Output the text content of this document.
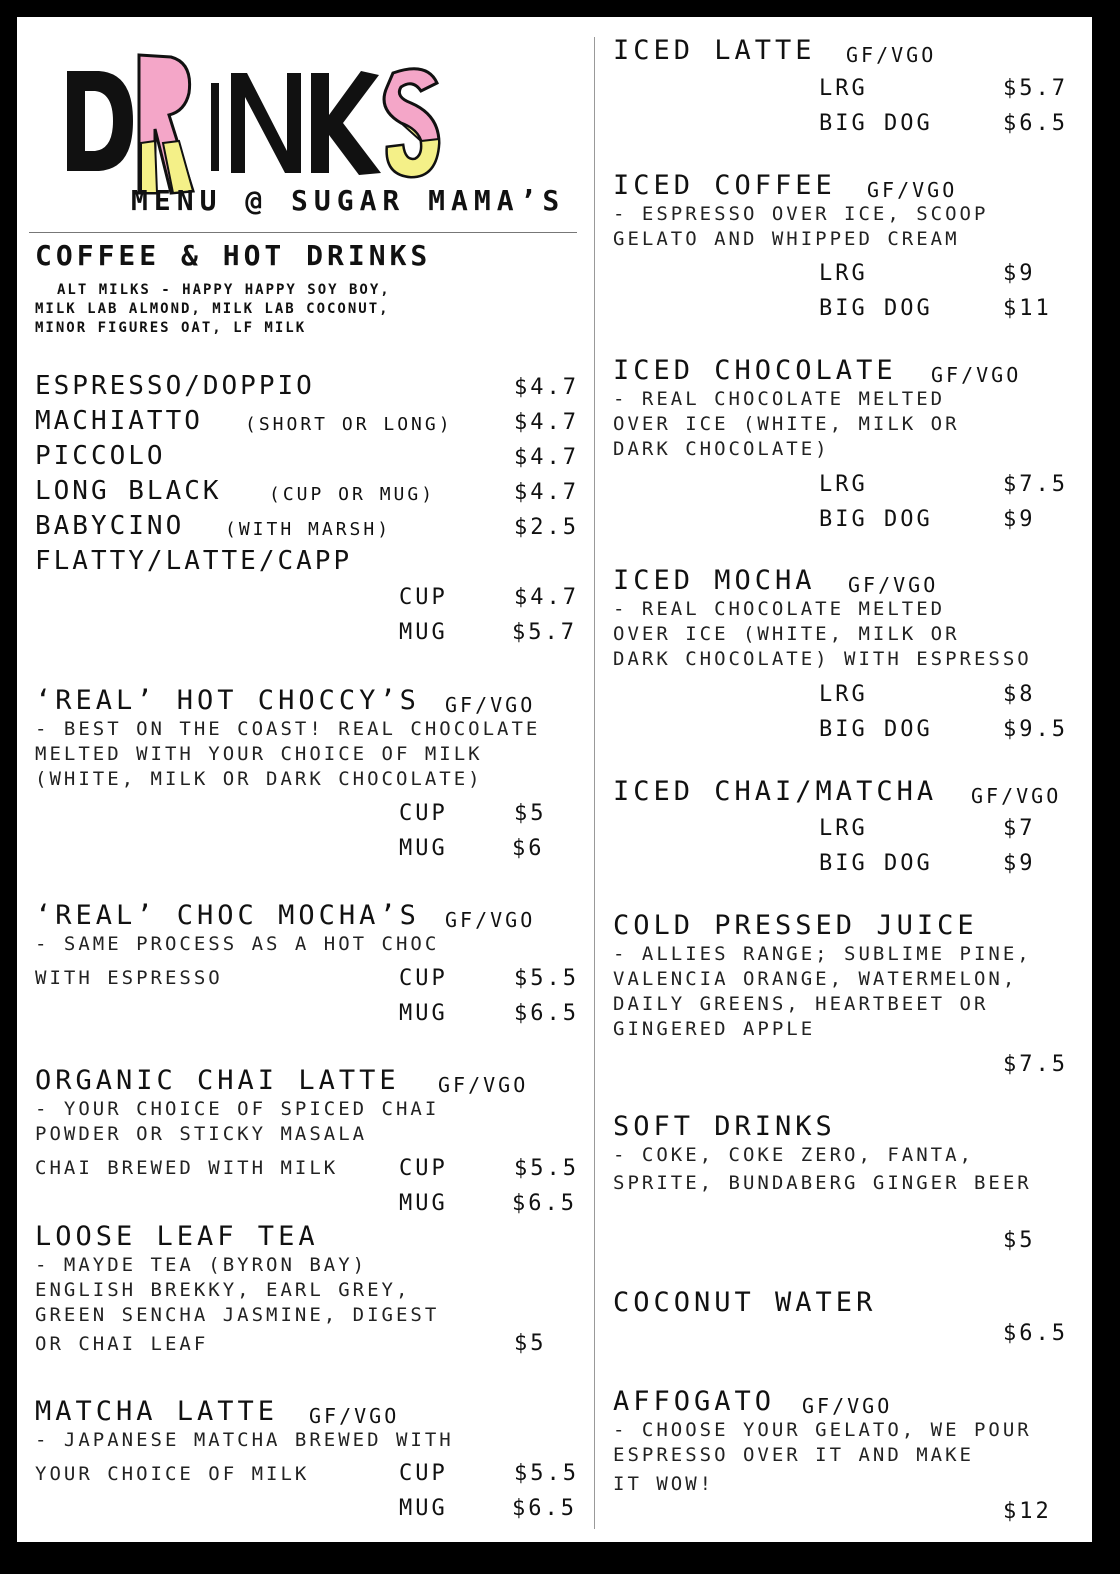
DRINKS
MENU @ SUGAR MAMA’S
COFFEE & HOT DRINKS
ALT MILKS - HAPPY HAPPY SOY BOY,
MILK LAB ALMOND, MILK LAB COCONUT,
MINOR FIGURES OAT, LF MILK
ESPRESSO/DOPPIO	$4.7
MACHIATTO (SHORT OR LONG)	$4.7
PICCOLO	$4.7
LONG BLACK	(CUP OR MUG)	$4.7
BABYCINO (WITH MARSH)	$2.5
FLATTY/LATTE/CAPP
CUP	$4.7
MUG	$5.7
‘REAL’ HOT CHOCCY’S GF/VGO
- BEST ON THE COAST! REAL CHOCOLATE
MELTED WITH YOUR CHOICE OF MILK
(WHITE, MILK OR DARK CHOCOLATE)
CUP	$5
MUG	$6
‘REAL’ CHOC MOCHA’S GF/VGO
- SAME PROCESS AS A HOT CHOC
WITH ESPRESSO	CUP	$5.5
MUG	$6.5
ORGANIC CHAI LATTE GF/VGO
- YOUR CHOICE OF SPICED CHAI
POWDER OR STICKY MASALA
CHAI BREWED WITH MILK	CUP	$5.5
MUG	$6.5
LOOSE LEAF TEA
- MAYDE TEA (BYRON BAY)
ENGLISH BREKKY, EARL GREY,
GREEN SENCHA JASMINE, DIGEST
OR CHAI LEAF	$5
MATCHA LATTE GF/VGO
- JAPANESE MATCHA BREWED WITH
YOUR CHOICE OF MILK	CUP	$5.5
MUG	$6.5
ICED LATTE GF/VGO
LRG	$5.7
BIG DOG	$6.5
ICED COFFEE GF/VGO
- ESPRESSO OVER ICE, SCOOP
GELATO AND WHIPPED CREAM
LRG	$9
BIG DOG	$11
ICED CHOCOLATE GF/VGO
- REAL CHOCOLATE MELTED
OVER ICE (WHITE, MILK OR
DARK CHOCOLATE)
LRG	$7.5
BIG DOG	$9
ICED MOCHA GF/VGO
- REAL CHOCOLATE MELTED
OVER ICE (WHITE, MILK OR
DARK CHOCOLATE) WITH ESPRESSO
LRG	$8
BIG DOG	$9.5
ICED CHAI/MATCHA GF/VGO
LRG	$7
BIG DOG	$9
COLD PRESSED JUICE
- ALLIES RANGE; SUBLIME PINE,
VALENCIA ORANGE, WATERMELON,
DAILY GREENS, HEARTBEET OR
GINGERED APPLE
$7.5
SOFT DRINKS
- COKE, COKE ZERO, FANTA,
SPRITE, BUNDABERG GINGER BEER
$5
COCONUT WATER
$6.5
AFFOGATO GF/VGO
- CHOOSE YOUR GELATO, WE POUR
ESPRESSO OVER IT AND MAKE
IT WOW!
$12
